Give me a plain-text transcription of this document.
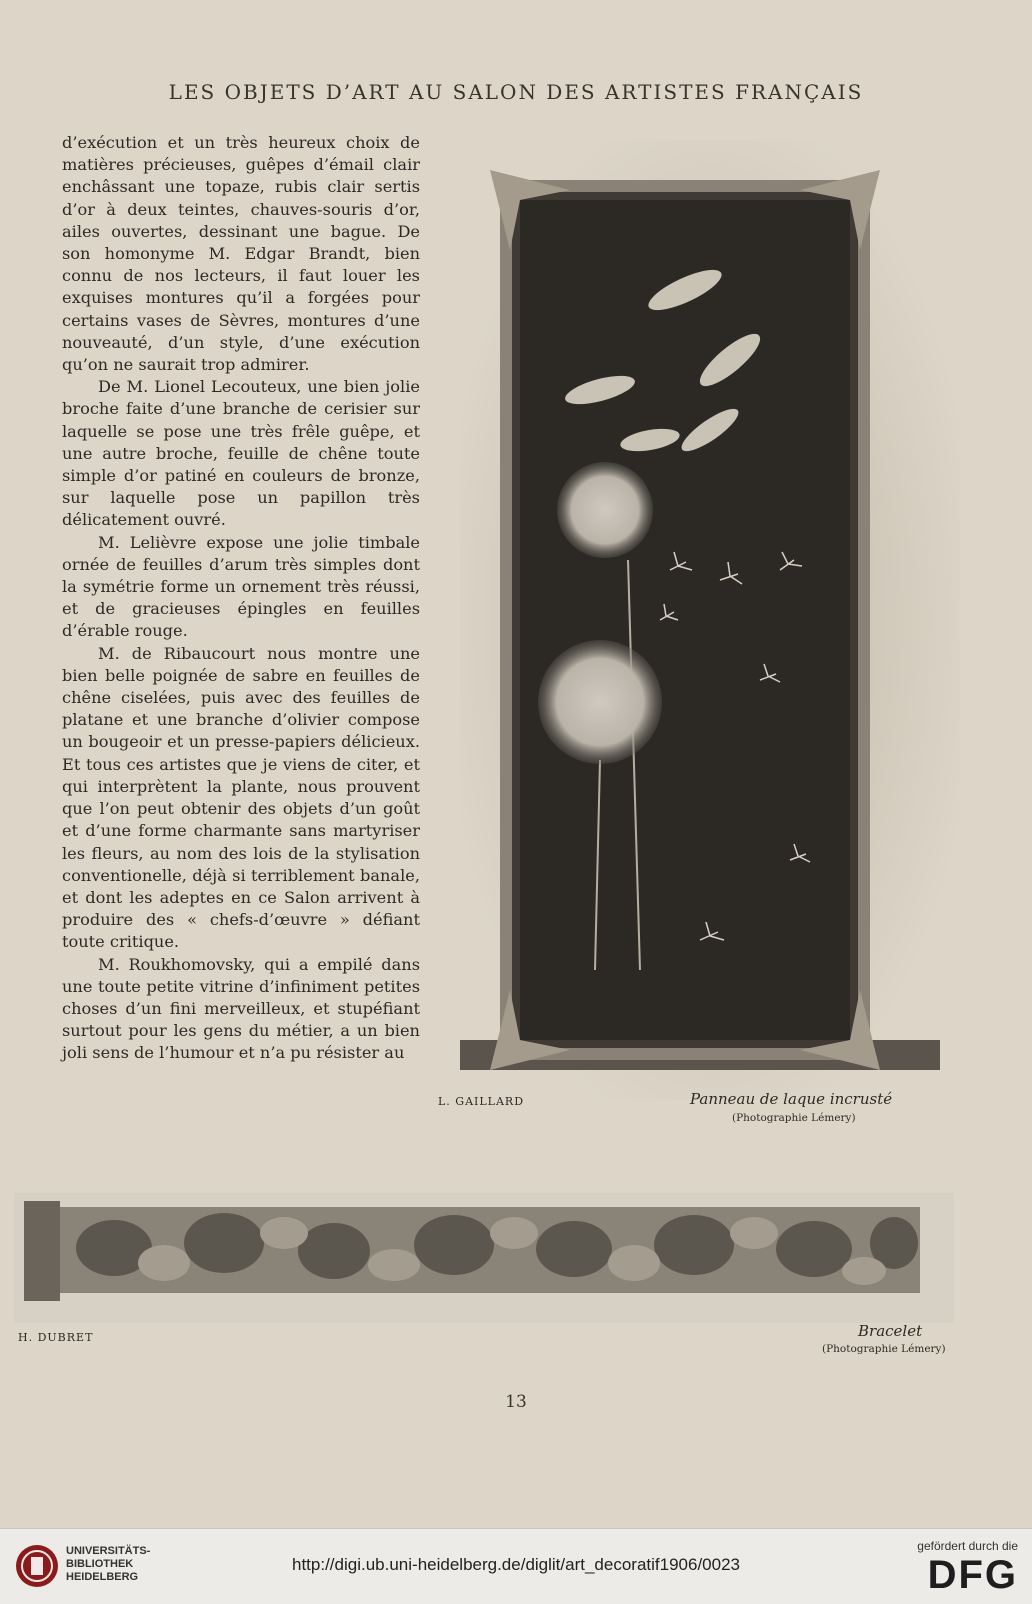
LES OBJETS D’ART AU SALON DES ARTISTES FRANÇAIS

d’exécution et un très heureux choix de matières précieuses, guêpes d’émail clair enchâssant une topaze, rubis clair sertis d’or à deux teintes, chauves-souris d’or, ailes ouvertes, dessinant une bague. De son homonyme M. Edgar Brandt, bien connu de nos lecteurs, il faut louer les exquises montures qu’il a forgées pour certains vases de Sèvres, montures d’une nouveauté, d’un style, d’une exécution qu’on ne saurait trop admirer.

De M. Lionel Lecouteux, une bien jolie broche faite d’une branche de cerisier sur laquelle se pose une très frêle guêpe, et une autre broche, feuille de chêne toute simple d’or patiné en couleurs de bronze, sur laquelle pose un papillon très délicatement ouvré.

M. Lelièvre expose une jolie timbale ornée de feuilles d’arum très simples dont la symétrie forme un ornement très réussi, et de gracieuses épingles en feuilles d’érable rouge.

M. de Ribaucourt nous montre une bien belle poignée de sabre en feuilles de chêne ciselées, puis avec des feuilles de platane et une branche d’olivier compose un bougeoir et un presse-papiers délicieux. Et tous ces artistes que je viens de citer, et qui interprètent la plante, nous prouvent que l’on peut obtenir des objets d’un goût et d’une forme charmante sans martyriser les fleurs, au nom des lois de la stylisation conventionelle, déjà si terriblement banale, et dont les adeptes en ce Salon arrivent à produire des « chefs-d’œuvre » défiant toute critique.

M. Roukhomovsky, qui a empilé dans une toute petite vitrine d’infiniment petites choses d’un fini merveilleux, et stupéfiant surtout pour les gens du métier, a un bien joli sens de l’humour et n’a pu résister au

L. GAILLARD	Panneau de laque incrusté
(Photographie Lémery)
H. DUBRET	Bracelet
(Photographie Lémery)
13
UNIVERSITÄTS-
BIBLIOTHEK
HEIDELBERG
http://digi.ub.uni-heidelberg.de/diglit/art_decoratif1906/0023
gefördert durch die
DFG
